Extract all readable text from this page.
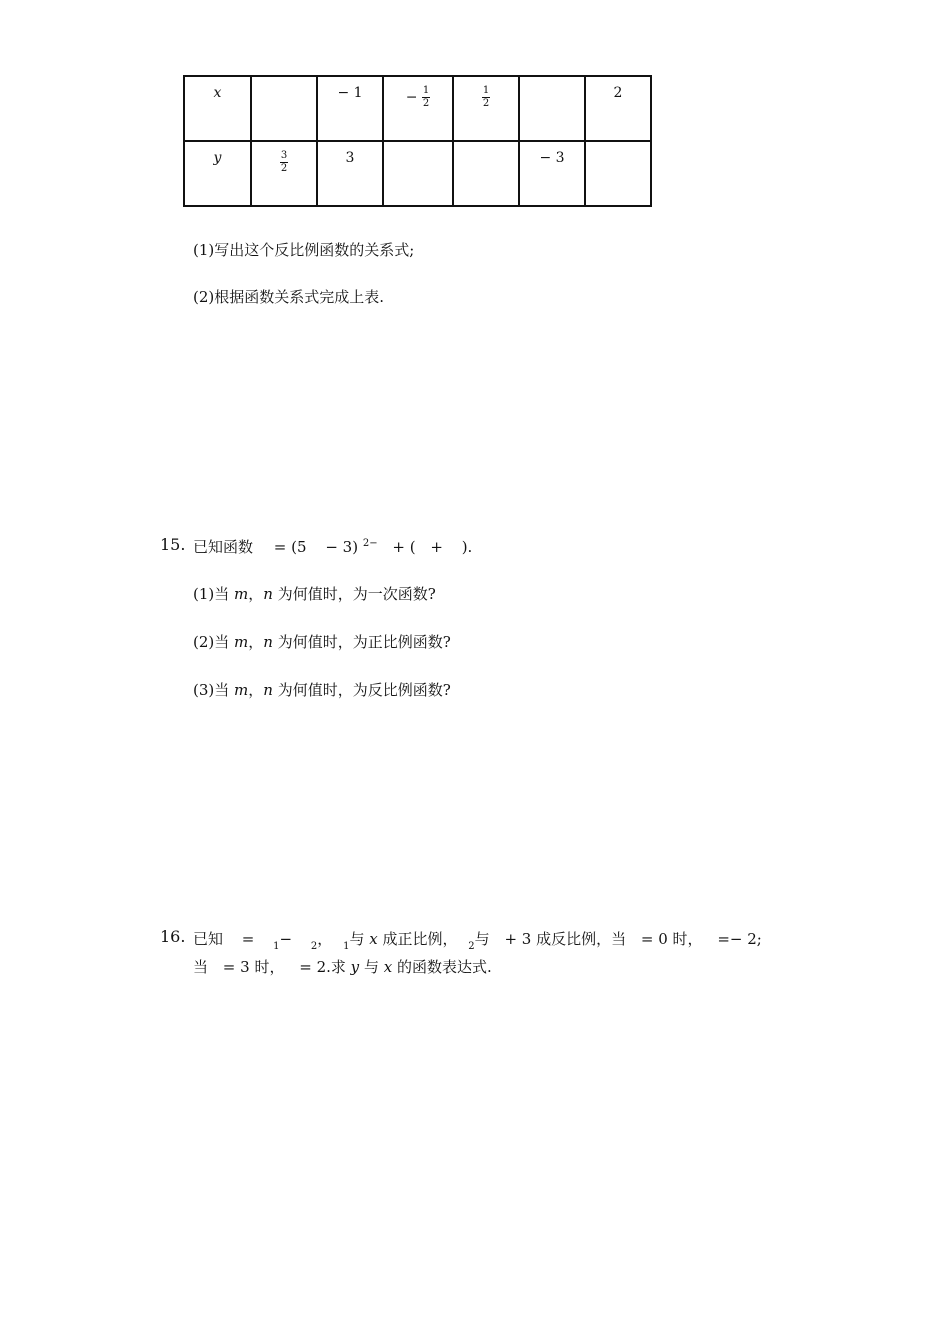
x		− 1	− $\frac{1}{2}$	$\frac{1}{2}$		2
y	$\frac{3}{2}$	3			− 3	
(1)写出这个反比例函数的关系式;
(2)根据函数关系式完成上表.
15. 已知函数 = (5 − 3) $^{2-}$ + ( + ).
(1)当 m，n 为何值时，为一次函数?
(2)当 m，n 为何值时，为正比例函数?
(3)当 m，n 为何值时，为反比例函数?
16. 已知 = $_1$− $_2$， $_1$与 x 成正比例， $_2$与 + 3 成反比例，当 = 0 时， =− 2;
当 = 3 时， = 2.求 y 与 x 的函数表达式.
